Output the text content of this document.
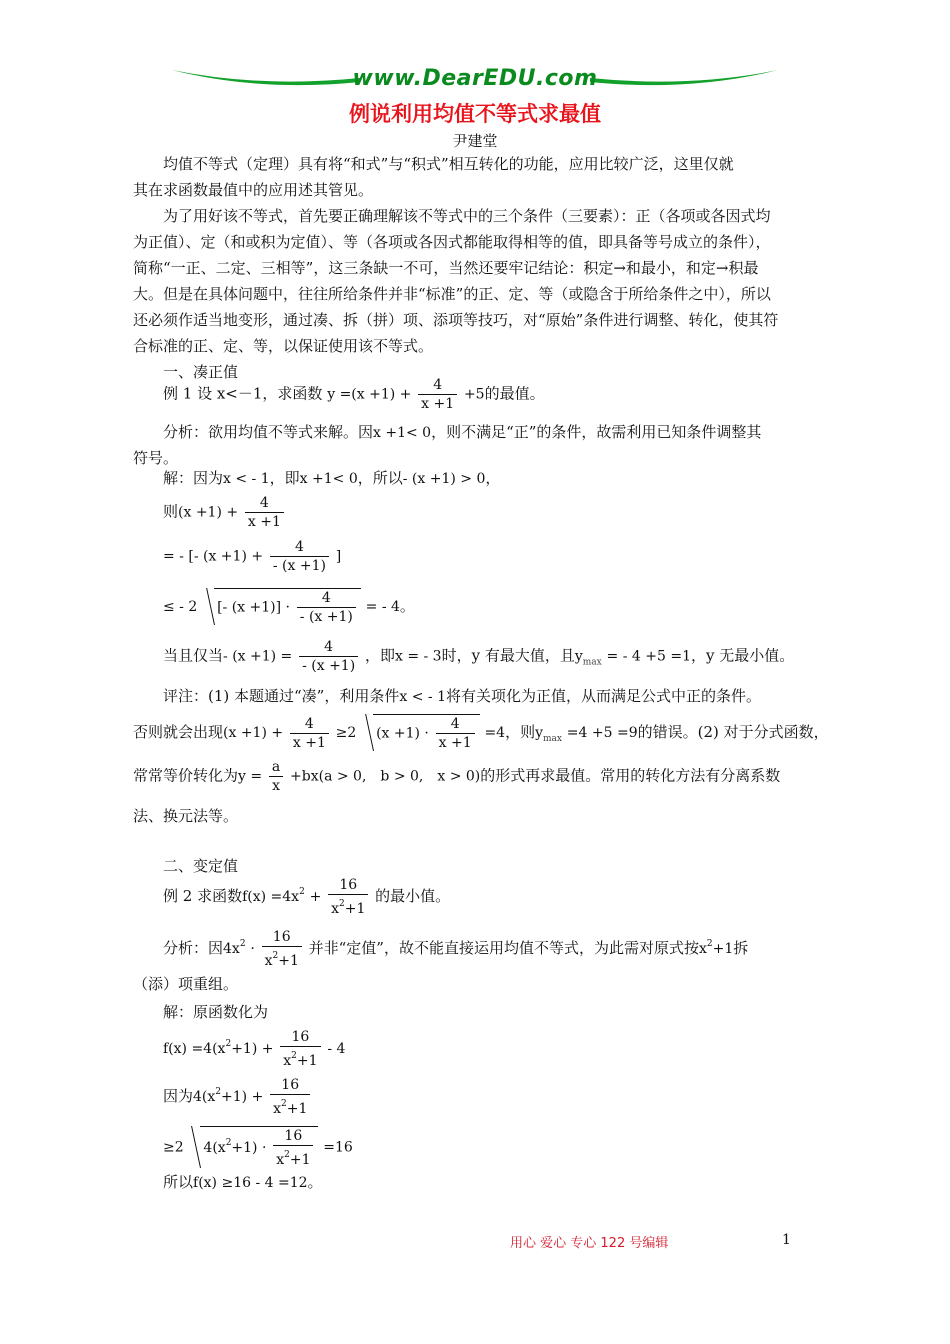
www.DearEDU.com
例说利用均值不等式求最值
尹建堂
均值不等式（定理）具有将“和式”与“积式”相互转化的功能，应用比较广泛，这里仅就
其在求函数最值中的应用述其管见。
为了用好该不等式，首先要正确理解该不等式中的三个条件（三要素）：正（各项或各因式均
为正值）、定（和或积为定值）、等（各项或各因式都能取得相等的值，即具备等号成立的条件），
简称“一正、二定、三相等”，这三条缺一不可，当然还要牢记结论：积定→和最小，和定→积最
大。但是在具体问题中，往往所给条件并非“标准”的正、定、等（或隐含于所给条件之中），所以
还必须作适当地变形，通过凑、拆（拼）项、添项等技巧，对“原始”条件进行调整、转化，使其符
合标准的正、定、等，以保证使用该不等式。
一、凑正值
例 1 设 x<－1，求函数 $y =(x +1) + \frac{4}{x +1} +5$的最值。
分析：欲用均值不等式来解。因x +1< 0，则不满足“正”的条件，故需利用已知条件调整其
符号。
解：因为x < - 1，即x +1< 0，所以- (x +1) > 0，
则$(x +1) + \frac{4}{x +1}$
= - [- $(x +1) + \frac{4}{- (x +1)}$ ]
≤ - 2 [- $(x +1)] \cdot \frac{4}{- (x +1)}$ = - 4。
当且仅当- $(x +1) = \frac{4}{- (x +1)}$ ，即x = - 3时，y 有最大值，且$y_{max}$ = - 4 +5 =1，y 无最小值。
评注：(1) 本题通过“凑”，利用条件x < - 1将有关项化为正值，从而满足公式中正的条件。
否则就会出现$(x +1) + \frac{4}{x +1} \ge 2$ $(x +1) \cdot \frac{4}{x +1} =4$，则$y_{max} =4 +5 =9$的错误。(2) 对于分式函数，
常常等价转化为$y = \frac{a}{x} +bx(a > 0$,　b > 0,　x > 0)的形式再求最值。常用的转化方法有分离系数
法、换元法等。
二、变定值
例 2 求函数$f(x) =4x^2 + \frac{16}{x^2+1}$ 的最小值。
分析：因$4x^2 \cdot \frac{16}{x^2+1}$ 并非“定值”，故不能直接运用均值不等式，为此需对原式按$x^2+1$拆
（添）项重组。
解：原函数化为
$f(x) =4(x^2+1) + \frac{16}{x^2+1} - 4$
因为$4(x^2+1) + \frac{16}{x^2+1}$
≥2 $4(x^2+1) \cdot \frac{16}{x^2+1} =16$
所以f(x) ≥16 - 4 =12。
用心 爱心 专心 122 号编辑	1
